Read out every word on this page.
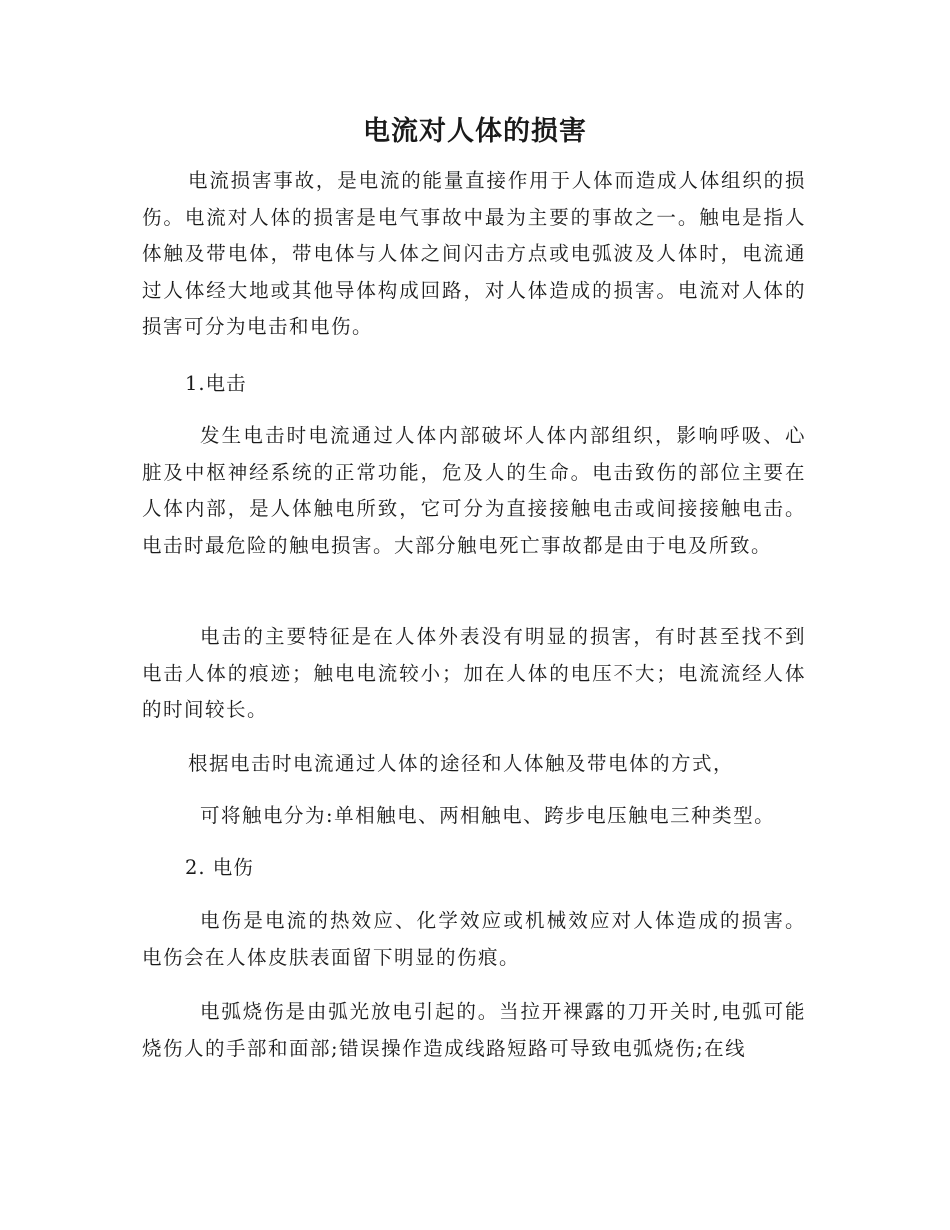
电流对人体的损害

电流损害事故，是电流的能量直接作用于人体而造成人体组织的损伤。电流对人体的损害是电气事故中最为主要的事故之一。触电是指人体触及带电体，带电体与人体之间闪击方点或电弧波及人体时，电流通过人体经大地或其他导体构成回路，对人体造成的损害。电流对人体的损害可分为电击和电伤。

1.电击

发生电击时电流通过人体内部破坏人体内部组织，影响呼吸、心脏及中枢神经系统的正常功能，危及人的生命。电击致伤的部位主要在人体内部，是人体触电所致，它可分为直接接触电击或间接接触电击。电击时最危险的触电损害。大部分触电死亡事故都是由于电及所致。

电击的主要特征是在人体外表没有明显的损害，有时甚至找不到电击人体的痕迹；触电电流较小；加在人体的电压不大；电流流经人体的时间较长。

根据电击时电流通过人体的途径和人体触及带电体的方式，

可将触电分为:单相触电、两相触电、跨步电压触电三种类型。

2. 电伤

电伤是电流的热效应、化学效应或机械效应对人体造成的损害。电伤会在人体皮肤表面留下明显的伤痕。

电弧烧伤是由弧光放电引起的。当拉开裸露的刀开关时,电弧可能烧伤人的手部和面部;错误操作造成线路短路可导致电弧烧伤;在线
